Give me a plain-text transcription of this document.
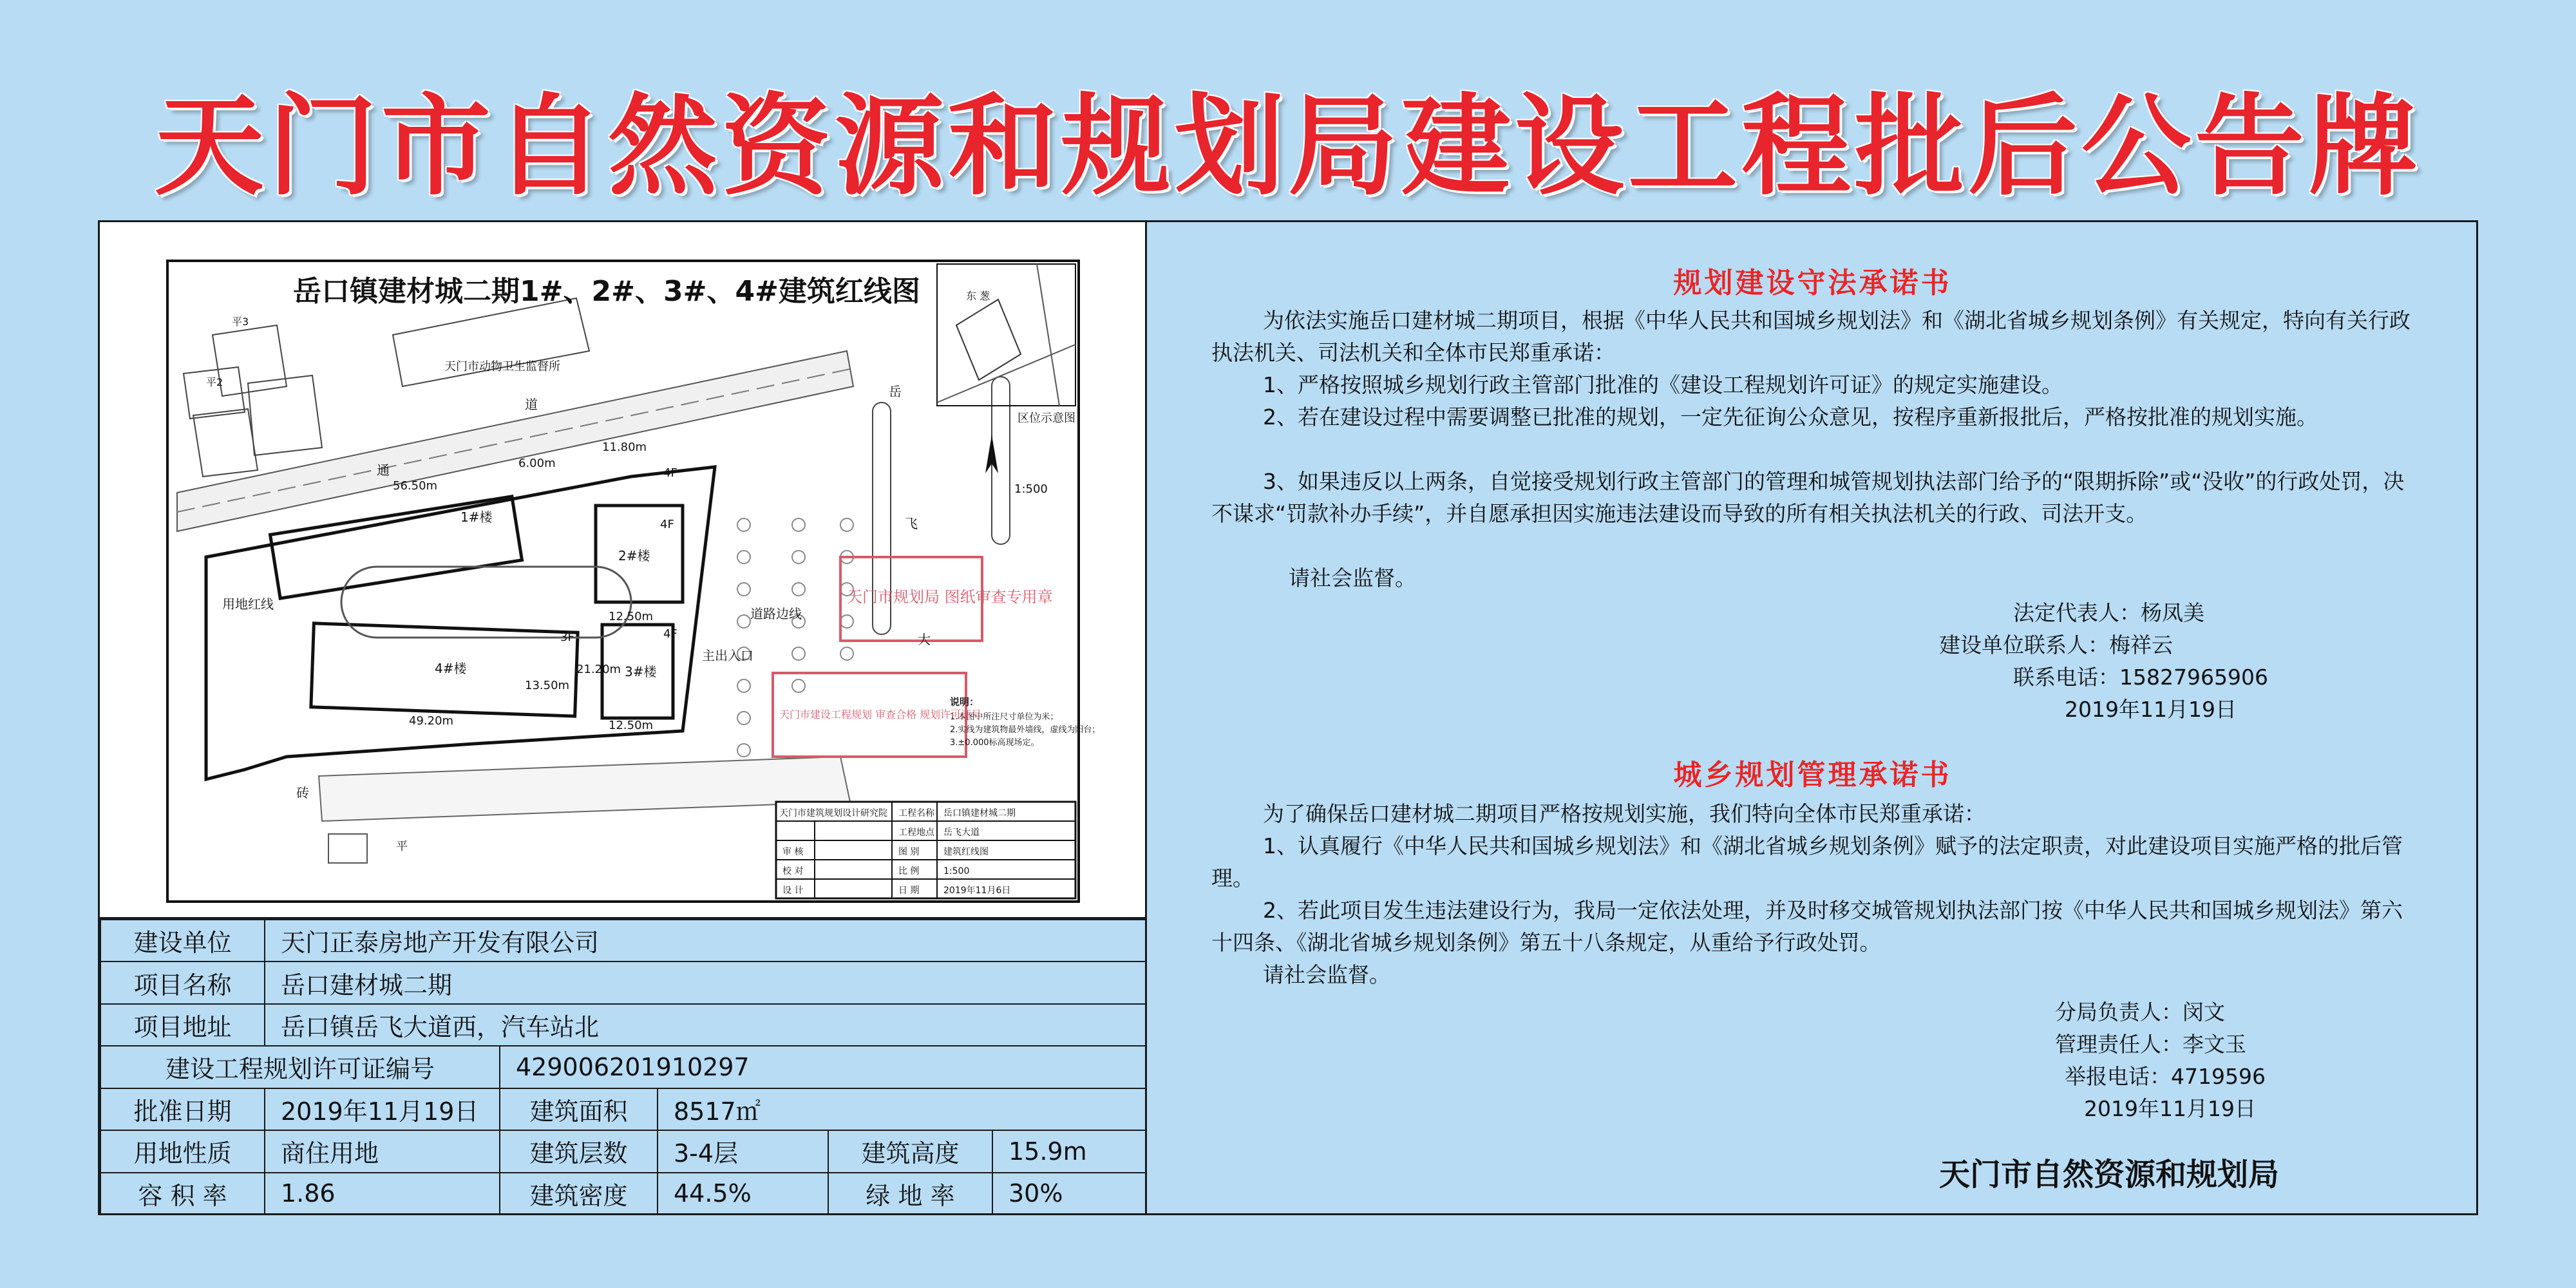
天门市自然资源和规划局建设工程批后公告牌
岳口镇建材城二期1#、2#、3#、4#建筑红线图
1#楼
2#楼
3#楼
4#楼
4F
4F
4F
3F
56.50m
6.00m
11.80m
12.50m
12.50m
49.20m
21.20m
13.50m
用地红线
道路边线
主出入口
通
道
岳
飞
大
砖
天门市动物卫生监督所
东 葱
区位示意图
1:500
平2
平3
平
说明：
1.本图中所注尺寸单位为米；
2.实线为建筑物最外墙线，虚线为阳台；
3.±0.000标高现场定。
天门市规划局 图纸审查专用章
天门市建设工程规划 审查合格 规划许可证号
天门市建筑规划设计研究院 工程名称 岳口镇建材城二期
工程地点 岳飞大道
审 核	图 别	建筑红线图
校 对	比 例	1:500
设 计	日 期	2019年11月6日
建设单位	天门正泰房地产开发有限公司				
项目名称	岳口建材城二期				
项目地址	岳口镇岳飞大道西，汽车站北				
建设工程规划许可证编号		429006201910297			
批准日期	2019年11月19日	建筑面积	8517㎡		
用地性质	商住用地	建筑层数	3-4层	建筑高度	15.9m
容 积 率	1.86	建筑密度	44.5%	绿 地 率	30%
规划建设守法承诺书

为依法实施岳口建材城二期项目，根据《中华人民共和国城乡规划法》和《湖北省城乡规划条例》有关规定，特向有关行政执法机关、司法机关和全体市民郑重承诺：

1、严格按照城乡规划行政主管部门批准的《建设工程规划许可证》的规定实施建设。

2、若在建设过程中需要调整已批准的规划，一定先征询公众意见，按程序重新报批后，严格按批准的规划实施。

3、如果违反以上两条，自觉接受规划行政主管部门的管理和城管规划执法部门给予的“限期拆除”或“没收”的行政处罚，决不谋求“罚款补办手续”，并自愿承担因实施违法建设而导致的所有相关执法机关的行政、司法开支。

请社会监督。

法定代表人：杨凤美
建设单位联系人：梅祥云
联系电话：15827965906
2019年11月19日
城乡规划管理承诺书

为了确保岳口建材城二期项目严格按规划实施，我们特向全体市民郑重承诺：

1、认真履行《中华人民共和国城乡规划法》和《湖北省城乡规划条例》赋予的法定职责，对此建设项目实施严格的批后管理。

2、若此项目发生违法建设行为，我局一定依法处理，并及时移交城管规划执法部门按《中华人民共和国城乡规划法》第六十四条、《湖北省城乡规划条例》第五十八条规定，从重给予行政处罚。

请社会监督。

分局负责人：闵文
管理责任人：李文玉
举报电话：4719596
2019年11月19日
天门市自然资源和规划局
